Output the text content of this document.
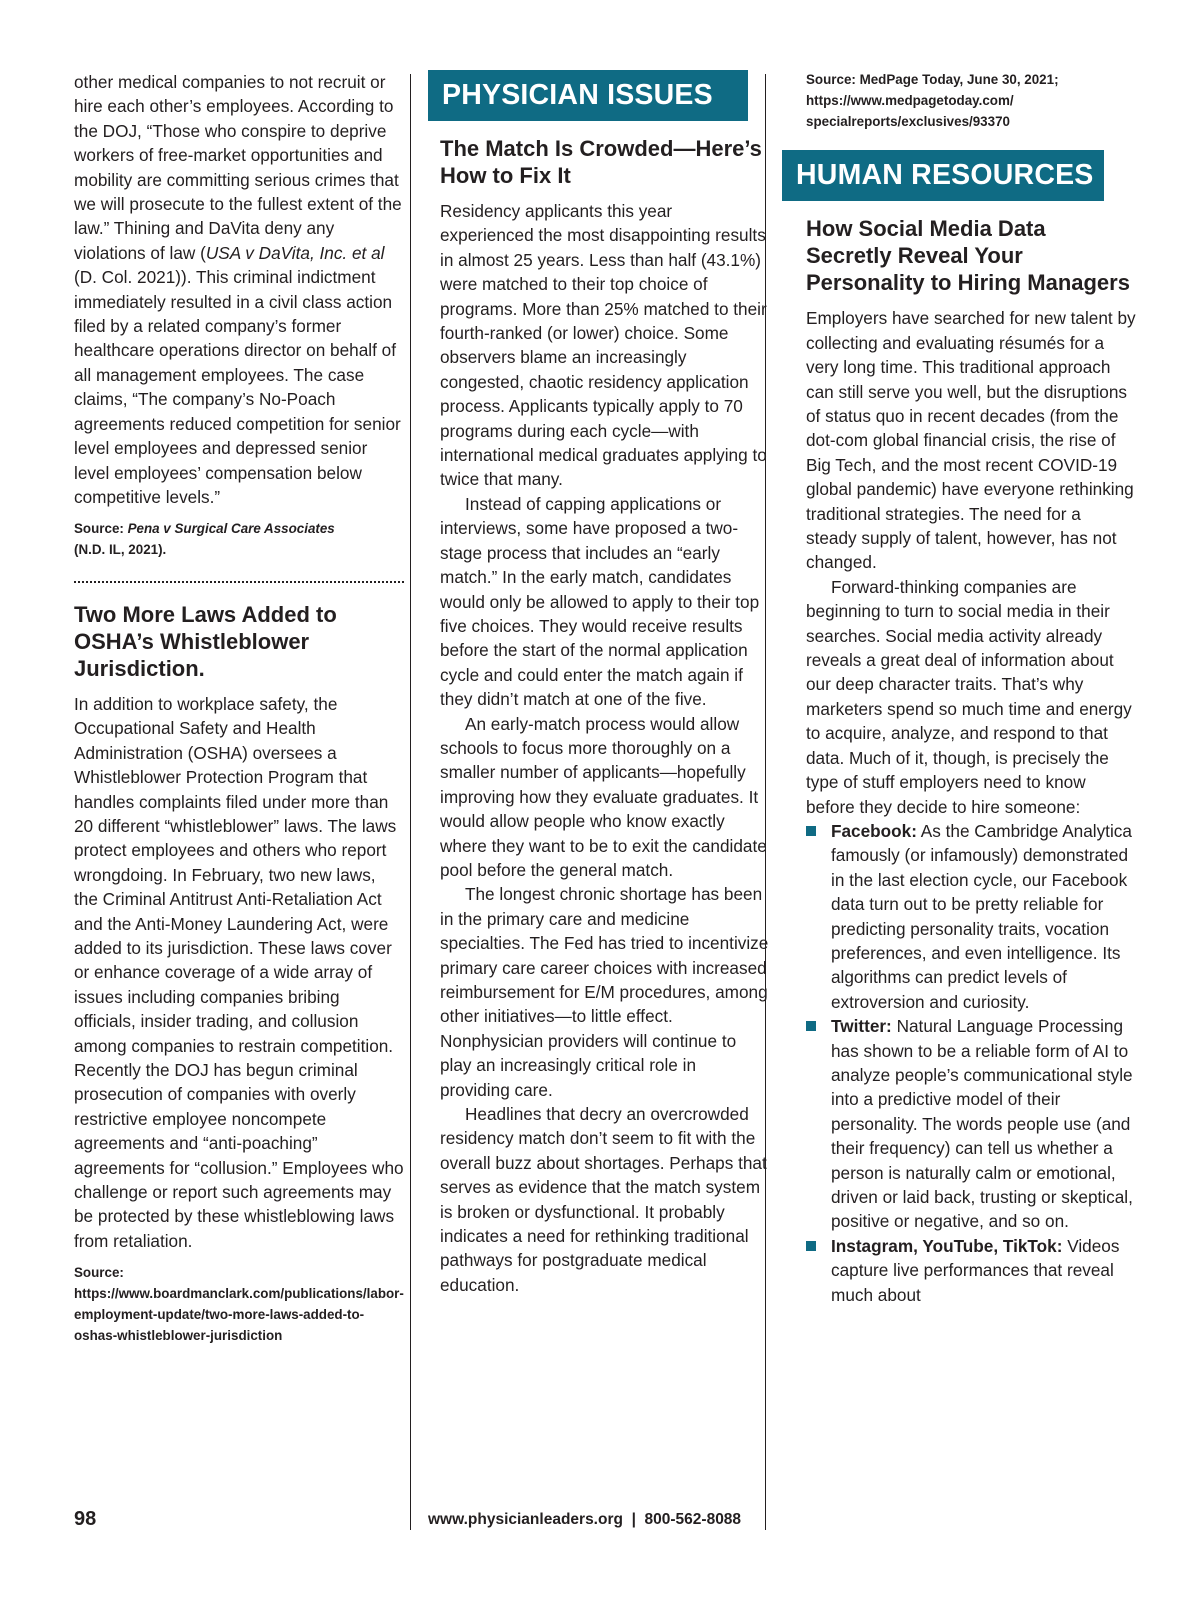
other medical companies to not recruit or hire each other’s employees. According to the DOJ, “Those who conspire to deprive workers of free-market opportunities and mobility are committing serious crimes that we will prosecute to the fullest extent of the law.” Thining and DaVita deny any violations of law (USA v DaVita, Inc. et al (D. Col. 2021)). This criminal indictment immediately resulted in a civil class action filed by a related company’s former healthcare operations director on behalf of all management employees. The case claims, “The company’s No-Poach agreements reduced competition for senior level employees and depressed senior level employees’ compensation below competitive levels.”

Source: Pena v Surgical Care Associates
(N.D. IL, 2021).

Two More Laws Added to OSHA’s Whistleblower Jurisdiction.

In addition to workplace safety, the Occupational Safety and Health Administration (OSHA) oversees a Whistleblower Protection Program that handles complaints filed under more than 20 different “whistleblower” laws. The laws protect employees and others who report wrongdoing. In February, two new laws, the Criminal Antitrust Anti-Retaliation Act and the Anti-Money Laundering Act, were added to its jurisdiction. These laws cover or enhance coverage of a wide array of issues including companies bribing officials, insider trading, and collusion among companies to restrain competition. Recently the DOJ has begun criminal prosecution of companies with overly restrictive employee noncompete agreements and “anti-poaching” agreements for “collusion.” Employees who challenge or report such agreements may be protected by these whistleblowing laws from retaliation.

Source: https://www.boardmanclark.com/publications/labor-employment-update/two-more-laws-added-to-oshas-whistleblower-jurisdiction

PHYSICIAN ISSUES
The Match Is Crowded—Here’s How to Fix It

Residency applicants this year experienced the most disappointing results in almost 25 years. Less than half (43.1%) were matched to their top choice of programs. More than 25% matched to their fourth-ranked (or lower) choice. Some observers blame an increasingly congested, chaotic residency application process. Applicants typically apply to 70 programs during each cycle—with international medical graduates applying to twice that many.

Instead of capping applications or interviews, some have proposed a two-stage process that includes an “early match.” In the early match, candidates would only be allowed to apply to their top five choices. They would receive results before the start of the normal application cycle and could enter the match again if they didn’t match at one of the five.

An early-match process would allow schools to focus more thoroughly on a smaller number of applicants—hopefully improving how they evaluate graduates. It would allow people who know exactly where they want to be to exit the candidate pool before the general match.

The longest chronic shortage has been in the primary care and medicine specialties. The Fed has tried to incentivize primary care career choices with increased reimbursement for E/M procedures, among other initiatives—to little effect. Nonphysician providers will continue to play an increasingly critical role in providing care.

Headlines that decry an overcrowded residency match don’t seem to fit with the overall buzz about shortages. Perhaps that serves as evidence that the match system is broken or dysfunctional. It probably indicates a need for rethinking traditional pathways for postgraduate medical education.

Source: MedPage Today, June 30, 2021; https://www.medpagetoday.com/ specialreports/exclusives/93370

HUMAN RESOURCES
How Social Media Data Secretly Reveal Your Personality to Hiring Managers

Employers have searched for new talent by collecting and evaluating résumés for a very long time. This traditional approach can still serve you well, but the disruptions of status quo in recent decades (from the dot-com global financial crisis, the rise of Big Tech, and the most recent COVID-19 global pandemic) have everyone rethinking traditional strategies. The need for a steady supply of talent, however, has not changed.

Forward-thinking companies are beginning to turn to social media in their searches. Social media activity already reveals a great deal of information about our deep character traits. That’s why marketers spend so much time and energy to acquire, analyze, and respond to that data. Much of it, though, is precisely the type of stuff employers need to know before they decide to hire someone:

Facebook: As the Cambridge Analytica famously (or infamously) demonstrated in the last election cycle, our Facebook data turn out to be pretty reliable for predicting personality traits, vocation preferences, and even intelligence. Its algorithms can predict levels of extroversion and curiosity.
Twitter: Natural Language Processing has shown to be a reliable form of AI to analyze people’s communicational style into a predictive model of their personality. The words people use (and their frequency) can tell us whether a person is naturally calm or emotional, driven or laid back, trusting or skeptical, positive or negative, and so on.
Instagram, YouTube, TikTok: Videos capture live performances that reveal much about
98	www.physicianleaders.org  |  800-562-8088
